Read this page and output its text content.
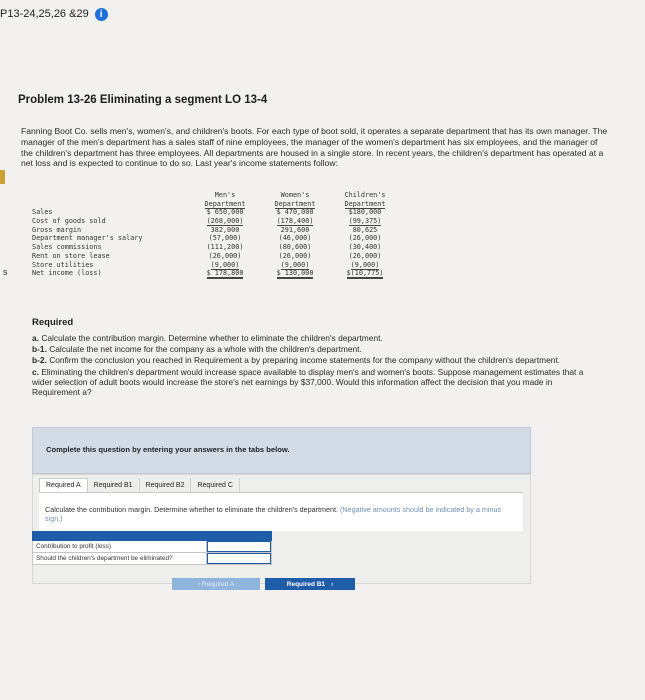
P13-24,25,26 &29	i
Problem 13-26 Eliminating a segment LO 13-4
Fanning Boot Co. sells men's, women's, and children's boots. For each type of boot sold, it operates a separate department that has its own manager. The manager of the men's department has a sales staff of nine employees, the manager of the women's department has six employees, and the manager of the children's department has three employees. All departments are housed in a single store. In recent years, the children's department has operated at a net loss and is expected to continue to do so. Last year's income statements follow:
Men's	Women's	Children's
Department	Department	Department
Sales	$ 650,000	$ 470,000	$180,000
Cost of goods sold	(268,000)	(178,400)	(99,375)
Gross margin	382,000	291,600	80,625
Department manager's salary	(57,000)	(46,000)	(26,000)
Sales commissions	(111,200)	(80,600)	(30,400)
Rent on store lease	(26,000)	(26,000)	(26,000)
Store utilities	(9,000)	(9,000)	(9,000)
Net income (loss)	$ 178,800	$ 130,000	$(10,775)
s
Required
a. Calculate the contribution margin. Determine whether to eliminate the children's department.
b-1. Calculate the net income for the company as a whole with the children's department.
b-2. Confirm the conclusion you reached in Requirement a by preparing income statements for the company without the children's department.
c. Eliminating the children's department would increase space available to display men's and women's boots. Suppose management estimates that a wider selection of adult boots would increase the store's net earnings by $37,000. Would this information affect the decision that you made in Requirement a?
Complete this question by entering your answers in the tabs below.
Required A	Required B1	Required B2	Required C
Calculate the contribution margin. Determine whether to eliminate the children's department. (Negative amounts should be indicated by a minus sign.)
Contribution to profit (loss)
Should the children's department be eliminated?
‹
Required A	Required B1 ›
